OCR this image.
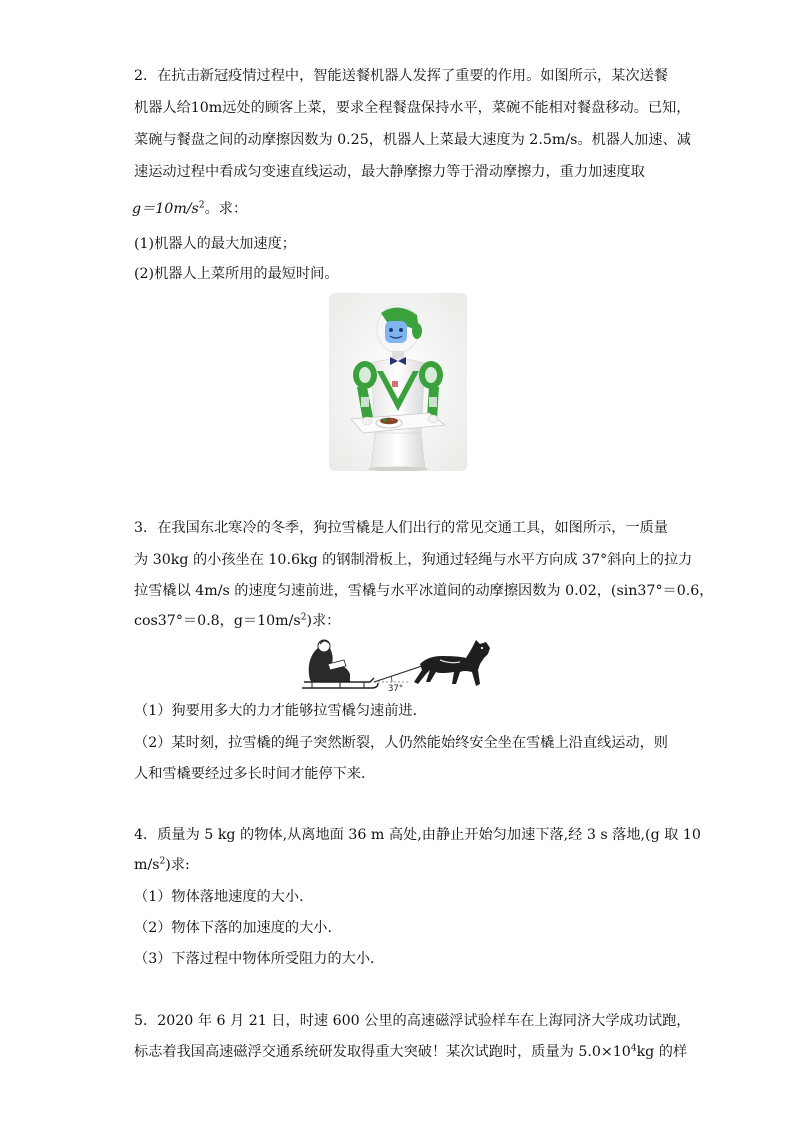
2．在抗击新冠疫情过程中，智能送餐机器人发挥了重要的作用。如图所示，某次送餐
机器人给10m远处的顾客上菜，要求全程餐盘保持水平，菜碗不能相对餐盘移动。已知，
菜碗与餐盘之间的动摩擦因数为 0.25，机器人上菜最大速度为 2.5m/s。机器人加速、减
速运动过程中看成匀变速直线运动，最大静摩擦力等于滑动摩擦力，重力加速度取
$g=10m/s^2$。求：
(1)机器人的最大加速度；
(2)机器人上菜所用的最短时间。
3．在我国东北寒冷的冬季，狗拉雪橇是人们出行的常见交通工具，如图所示，一质量
为 30kg 的小孩坐在 10.6kg 的钢制滑板上，狗通过轻绳与水平方向成 37°斜向上的拉力
拉雪橇以 4m/s 的速度匀速前进，雪橇与水平冰道间的动摩擦因数为 0.02，(sin37°＝0.6，
cos37°＝0.8，$g=10m/s^2$)求：
37°
（1）狗要用多大的力才能够拉雪橇匀速前进．
（2）某时刻，拉雪橇的绳子突然断裂，人仍然能始终安全坐在雪橇上沿直线运动，则
人和雪橇要经过多长时间才能停下来．
4．质量为 5 kg 的物体,从离地面 36 m 高处,由静止开始匀加速下落,经 3 s 落地,(g 取 10
$m/s^2$)求:
（1）物体落地速度的大小．
（2）物体下落的加速度的大小．
（3）下落过程中物体所受阻力的大小．
5．2020 年 6 月 21 日，时速 600 公里的高速磁浮试验样车在上海同济大学成功试跑，
标志着我国高速磁浮交通系统研发取得重大突破！某次试跑时，质量为 $5.0\times 10^4kg$ 的样
